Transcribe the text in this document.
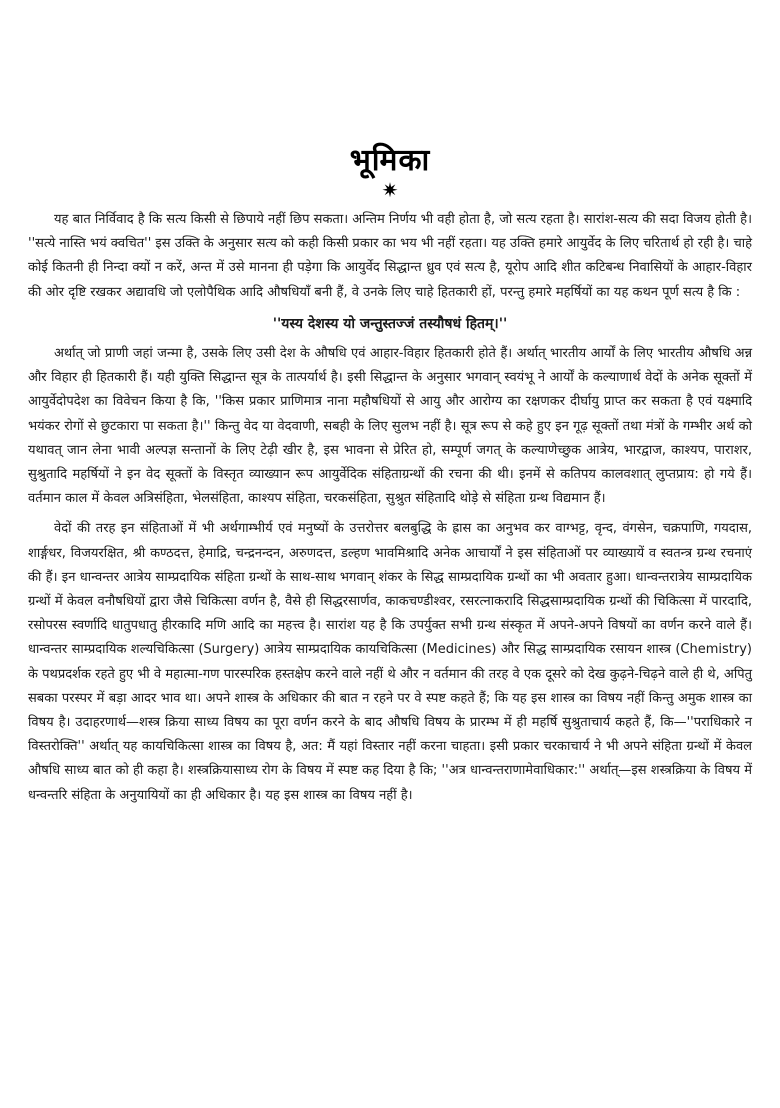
भूमिका
✷

यह बात निर्विवाद है कि सत्य किसी से छिपाये नहीं छिप सकता। अन्तिम निर्णय भी वही होता है, जो सत्य रहता है। सारांश-सत्य की सदा विजय होती है। ''सत्ये नास्ति भयं क्वचित'' इस उक्ति के अनुसार सत्य को कही किसी प्रकार का भय भी नहीं रहता। यह उक्ति हमारे आयुर्वेद के लिए चरितार्थ हो रही है। चाहे कोई कितनी ही निन्दा क्यों न करें, अन्त में उसे मानना ही पड़ेगा कि आयुर्वेद सिद्धान्त ध्रुव एवं सत्य है, यूरोप आदि शीत कटिबन्ध निवासियों के आहार-विहार की ओर दृष्टि रखकर अद्यावधि जो एलोपैथिक आदि औषधियाँ बनी हैं, वे उनके लिए चाहे हितकारी हों, परन्तु हमारे महर्षियों का यह कथन पूर्ण सत्य है कि :

''यस्य देशस्य यो जन्तुस्तज्जं तस्यौषधं हितम्।''

अर्थात् जो प्राणी जहां जन्मा है, उसके लिए उसी देश के औषधि एवं आहार-विहार हितकारी होते हैं। अर्थात् भारतीय आर्यों के लिए भारतीय औषधि अन्न और विहार ही हितकारी हैं। यही युक्ति सिद्धान्त सूत्र के तात्पर्यार्थ है। इसी सिद्धान्त के अनुसार भगवान् स्वयंभू ने आर्यों के कल्याणार्थ वेदों के अनेक सूक्तों में आयुर्वेदोपदेश का विवेचन किया है कि, ''किस प्रकार प्राणिमात्र नाना महौषधियों से आयु और आरोग्य का रक्षणकर दीर्घायु प्राप्त कर सकता है एवं यक्ष्मादि भयंकर रोगों से छुटकारा पा सकता है।'' किन्तु वेद या वेदवाणी, सबही के लिए सुलभ नहीं है। सूत्र रूप से कहे हुए इन गूढ़ सूक्तों तथा मंत्रों के गम्भीर अर्थ को यथावत् जान लेना भावी अल्पज्ञ सन्तानों के लिए टेढ़ी खीर है, इस भावना से प्रेरित हो, सम्पूर्ण जगत् के कल्याणेच्छुक आत्रेय, भारद्वाज, काश्यप, पाराशर, सुश्रुतादि महर्षियों ने इन वेद सूक्तों के विस्तृत व्याख्यान रूप आयुर्वेदिक संहिताग्रन्थों की रचना की थी। इनमें से कतिपय कालवशात् लुप्तप्राय: हो गये हैं। वर्तमान काल में केवल अत्रिसंहिता, भेलसंहिता, काश्यप संहिता, चरकसंहिता, सुश्रुत संहितादि थोड़े से संहिता ग्रन्थ विद्यमान हैं।

वेदों की तरह इन संहिताओं में भी अर्थगाम्भीर्य एवं मनुष्यों के उत्तरोत्तर बलबुद्धि के ह्रास का अनुभव कर वाग्भट्ट, वृन्द, वंगसेन, चक्रपाणि, गयदास, शार्ङ्गधर, विजयरक्षित, श्री कण्ठदत्त, हेमाद्रि, चन्द्रनन्दन, अरुणदत्त, डल्हण भावमिश्रादि अनेक आचार्यों ने इस संहिताओं पर व्याख्यायें व स्वतन्त्र ग्रन्थ रचनाएं की हैं। इन धान्वन्तर आत्रेय साम्प्रदायिक संहिता ग्रन्थों के साथ-साथ भगवान् शंकर के सिद्ध साम्प्रदायिक ग्रन्थों का भी अवतार हुआ। धान्वन्तरात्रेय साम्प्रदायिक ग्रन्थों में केवल वनौषधियों द्वारा जैसे चिकित्सा वर्णन है, वैसे ही सिद्धरसार्णव, काकचण्डीश्वर, रसरत्नाकरादि सिद्धसाम्प्रदायिक ग्रन्थों की चिकित्सा में पारदादि, रसोपरस स्वर्णादि धातुपधातु हीरकादि मणि आदि का महत्त्व है। सारांश यह है कि उपर्युक्त सभी ग्रन्थ संस्कृत में अपने-अपने विषयों का वर्णन करने वाले हैं। धान्वन्तर साम्प्रदायिक शल्यचिकित्सा (Surgery) आत्रेय साम्प्रदायिक कायचिकित्सा (Medicines) और सिद्ध साम्प्रदायिक रसायन शास्त्र (Chemistry) के पथप्रदर्शक रहते हुए भी वे महात्मा-गण पारस्परिक हस्तक्षेप करने वाले नहीं थे और न वर्तमान की तरह वे एक दूसरे को देख कुढ़ने-चिढ़ने वाले ही थे, अपितु सबका परस्पर में बड़ा आदर भाव था। अपने शास्त्र के अधिकार की बात न रहने पर वे स्पष्ट कहते हैं; कि यह इस शास्त्र का विषय नहीं किन्तु अमुक शास्त्र का विषय है। उदाहरणार्थ—शस्त्र क्रिया साध्य विषय का पूरा वर्णन करने के बाद औषधि विषय के प्रारम्भ में ही महर्षि सुश्रुताचार्य कहते हैं, कि—''पराधिकारे न विस्तरोक्ति'' अर्थात् यह कायचिकित्सा शास्त्र का विषय है, अत: मैं यहां विस्तार नहीं करना चाहता। इसी प्रकार चरकाचार्य ने भी अपने संहिता ग्रन्थों में केवल औषधि साध्य बात को ही कहा है। शस्त्रक्रियासाध्य रोग के विषय में स्पष्ट कह दिया है कि; ''अत्र धान्वन्तराणामेवाधिकार:'' अर्थात्—इस शस्त्रक्रिया के विषय में धन्वन्तरि संहिता के अनुयायियों का ही अधिकार है। यह इस शास्त्र का विषय नहीं है।
